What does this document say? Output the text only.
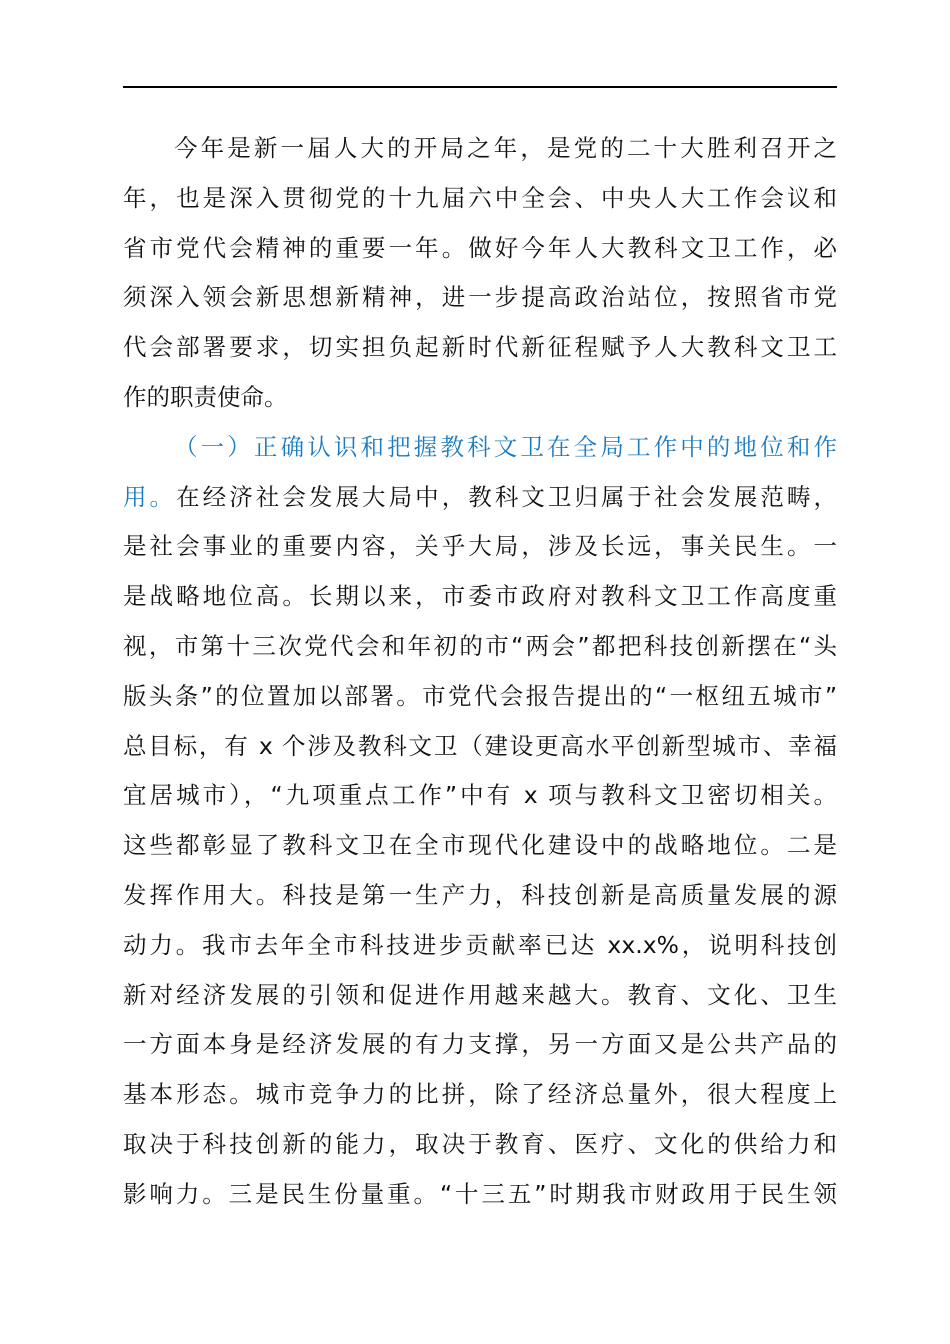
今年是新一届人大的开局之年，是党的二十大胜利召开之
年，也是深入贯彻党的十九届六中全会、中央人大工作会议和
省市党代会精神的重要一年。做好今年人大教科文卫工作，必
须深入领会新思想新精神，进一步提高政治站位，按照省市党
代会部署要求，切实担负起新时代新征程赋予人大教科文卫工
作的职责使命。
（一）正确认识和把握教科文卫在全局工作中的地位和作
用。在经济社会发展大局中，教科文卫归属于社会发展范畴，
是社会事业的重要内容，关乎大局，涉及长远，事关民生。一
是战略地位高。长期以来，市委市政府对教科文卫工作高度重
视，市第十三次党代会和年初的市“两会”都把科技创新摆在“头
版头条”的位置加以部署。市党代会报告提出的“一枢纽五城市”
总目标，有 x 个涉及教科文卫（建设更高水平创新型城市、幸福
宜居城市），“九项重点工作”中有 x 项与教科文卫密切相关。
这些都彰显了教科文卫在全市现代化建设中的战略地位。二是
发挥作用大。科技是第一生产力，科技创新是高质量发展的源
动力。我市去年全市科技进步贡献率已达 xx.x%，说明科技创
新对经济发展的引领和促进作用越来越大。教育、文化、卫生
一方面本身是经济发展的有力支撑，另一方面又是公共产品的
基本形态。城市竞争力的比拼，除了经济总量外，很大程度上
取决于科技创新的能力，取决于教育、医疗、文化的供给力和
影响力。三是民生份量重。“十三五”时期我市财政用于民生领
